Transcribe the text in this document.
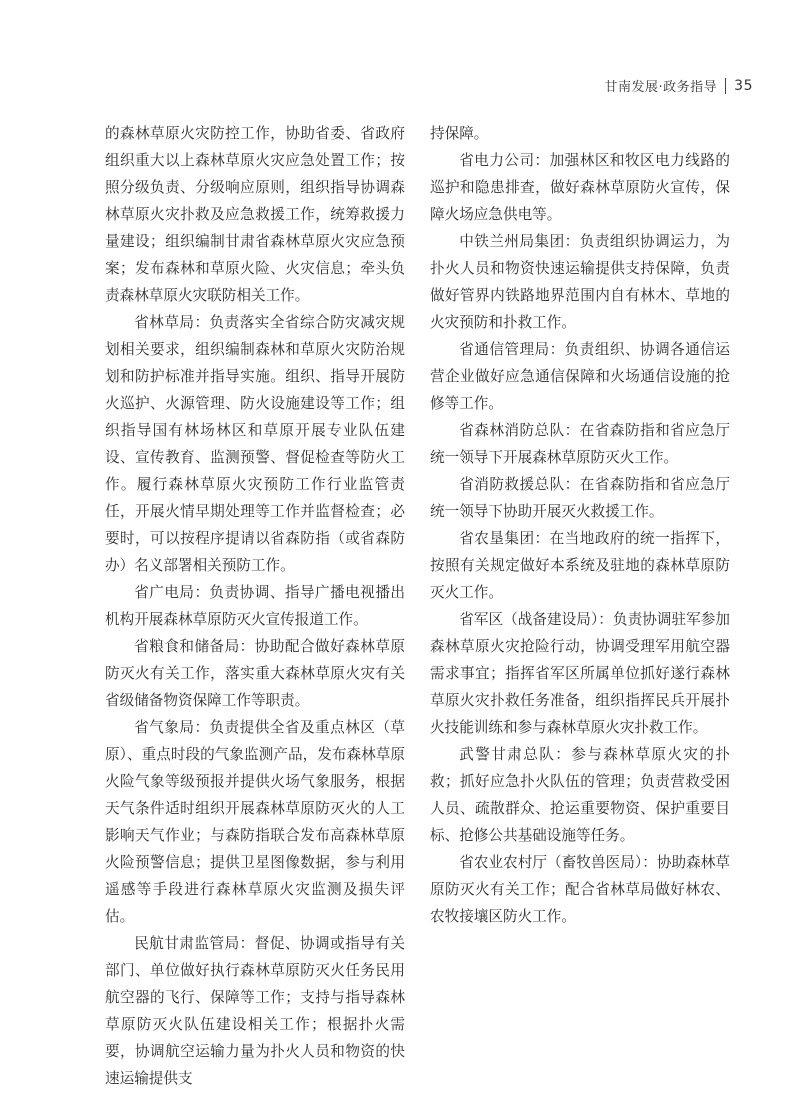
甘南发展·政务指导 35

的森林草原火灾防控工作，协助省委、省政府组织重大以上森林草原火灾应急处置工作；按照分级负责、分级响应原则，组织指导协调森林草原火灾扑救及应急救援工作，统筹救援力量建设；组织编制甘肃省森林草原火灾应急预案；发布森林和草原火险、火灾信息；牵头负责森林草原火灾联防相关工作。

省林草局：负责落实全省综合防灾减灾规划相关要求，组织编制森林和草原火灾防治规划和防护标准并指导实施。组织、指导开展防火巡护、火源管理、防火设施建设等工作；组织指导国有林场林区和草原开展专业队伍建设、宣传教育、监测预警、督促检查等防火工作。履行森林草原火灾预防工作行业监管责任，开展火情早期处理等工作并监督检查；必要时，可以按程序提请以省森防指（或省森防办）名义部署相关预防工作。

省广电局：负责协调、指导广播电视播出机构开展森林草原防灭火宣传报道工作。

省粮食和储备局：协助配合做好森林草原防灭火有关工作，落实重大森林草原火灾有关省级储备物资保障工作等职责。

省气象局：负责提供全省及重点林区（草原）、重点时段的气象监测产品，发布森林草原火险气象等级预报并提供火场气象服务，根据天气条件适时组织开展森林草原防灭火的人工影响天气作业；与森防指联合发布高森林草原火险预警信息；提供卫星图像数据，参与利用遥感等手段进行森林草原火灾监测及损失评估。

民航甘肃监管局：督促、协调或指导有关部门、单位做好执行森林草原防灭火任务民用航空器的飞行、保障等工作；支持与指导森林草原防灭火队伍建设相关工作；根据扑火需要，协调航空运输力量为扑火人员和物资的快速运输提供支

持保障。

省电力公司：加强林区和牧区电力线路的巡护和隐患排查，做好森林草原防火宣传，保障火场应急供电等。

中铁兰州局集团：负责组织协调运力，为扑火人员和物资快速运输提供支持保障，负责做好管界内铁路地界范围内自有林木、草地的火灾预防和扑救工作。

省通信管理局：负责组织、协调各通信运营企业做好应急通信保障和火场通信设施的抢修等工作。

省森林消防总队：在省森防指和省应急厅统一领导下开展森林草原防灭火工作。

省消防救援总队：在省森防指和省应急厅统一领导下协助开展灭火救援工作。

省农垦集团：在当地政府的统一指挥下，按照有关规定做好本系统及驻地的森林草原防灭火工作。

省军区（战备建设局）：负责协调驻军参加森林草原火灾抢险行动，协调受理军用航空器需求事宜；指挥省军区所属单位抓好遂行森林草原火灾扑救任务准备，组织指挥民兵开展扑火技能训练和参与森林草原火灾扑救工作。

武警甘肃总队：参与森林草原火灾的扑救；抓好应急扑火队伍的管理；负责营救受困人员、疏散群众、抢运重要物资、保护重要目标、抢修公共基础设施等任务。

省农业农村厅（畜牧兽医局）：协助森林草原防灭火有关工作；配合省林草局做好林农、农牧接壤区防火工作。
